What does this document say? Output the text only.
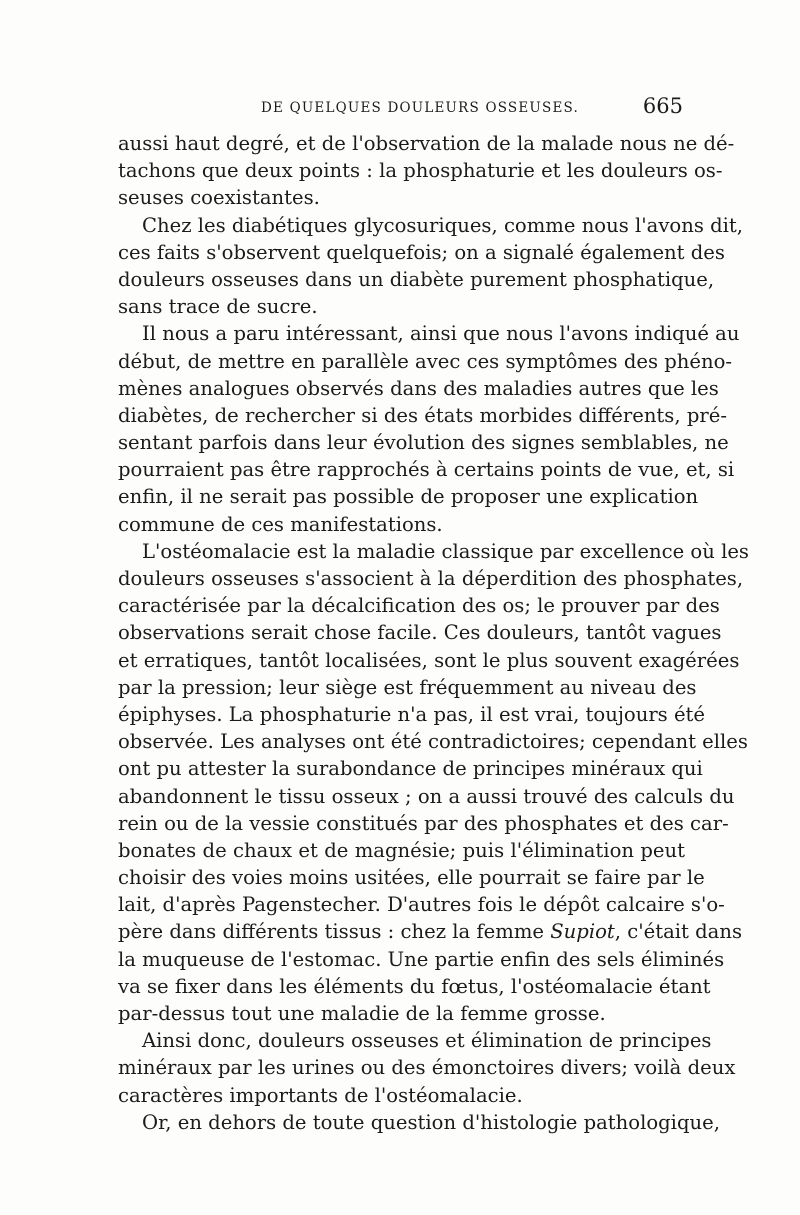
DE QUELQUES DOULEURS OSSEUSES.	665
aussi haut degré, et de l'observation de la malade nous ne dé-
tachons que deux points : la phosphaturie et les douleurs os-
seuses coexistantes.
Chez les diabétiques glycosuriques, comme nous l'avons dit,
ces faits s'observent quelquefois; on a signalé également des
douleurs osseuses dans un diabète purement phosphatique,
sans trace de sucre.
Il nous a paru intéressant, ainsi que nous l'avons indiqué au
début, de mettre en parallèle avec ces symptômes des phéno-
mènes analogues observés dans des maladies autres que les
diabètes, de rechercher si des états morbides différents, pré-
sentant parfois dans leur évolution des signes semblables, ne
pourraient pas être rapprochés à certains points de vue, et, si
enfin, il ne serait pas possible de proposer une explication
commune de ces manifestations.
L'ostéomalacie est la maladie classique par excellence où les
douleurs osseuses s'associent à la déperdition des phosphates,
caractérisée par la décalcification des os; le prouver par des
observations serait chose facile. Ces douleurs, tantôt vagues
et erratiques, tantôt localisées, sont le plus souvent exagérées
par la pression; leur siège est fréquemment au niveau des
épiphyses. La phosphaturie n'a pas, il est vrai, toujours été
observée. Les analyses ont été contradictoires; cependant elles
ont pu attester la surabondance de principes minéraux qui
abandonnent le tissu osseux ; on a aussi trouvé des calculs du
rein ou de la vessie constitués par des phosphates et des car-
bonates de chaux et de magnésie; puis l'élimination peut
choisir des voies moins usitées, elle pourrait se faire par le
lait, d'après Pagenstecher. D'autres fois le dépôt calcaire s'o-
père dans différents tissus : chez la femme Supiot, c'était dans
la muqueuse de l'estomac. Une partie enfin des sels éliminés
va se fixer dans les éléments du fœtus, l'ostéomalacie étant
par-dessus tout une maladie de la femme grosse.
Ainsi donc, douleurs osseuses et élimination de principes
minéraux par les urines ou des émonctoires divers; voilà deux
caractères importants de l'ostéomalacie.
Or, en dehors de toute question d'histologie pathologique,
